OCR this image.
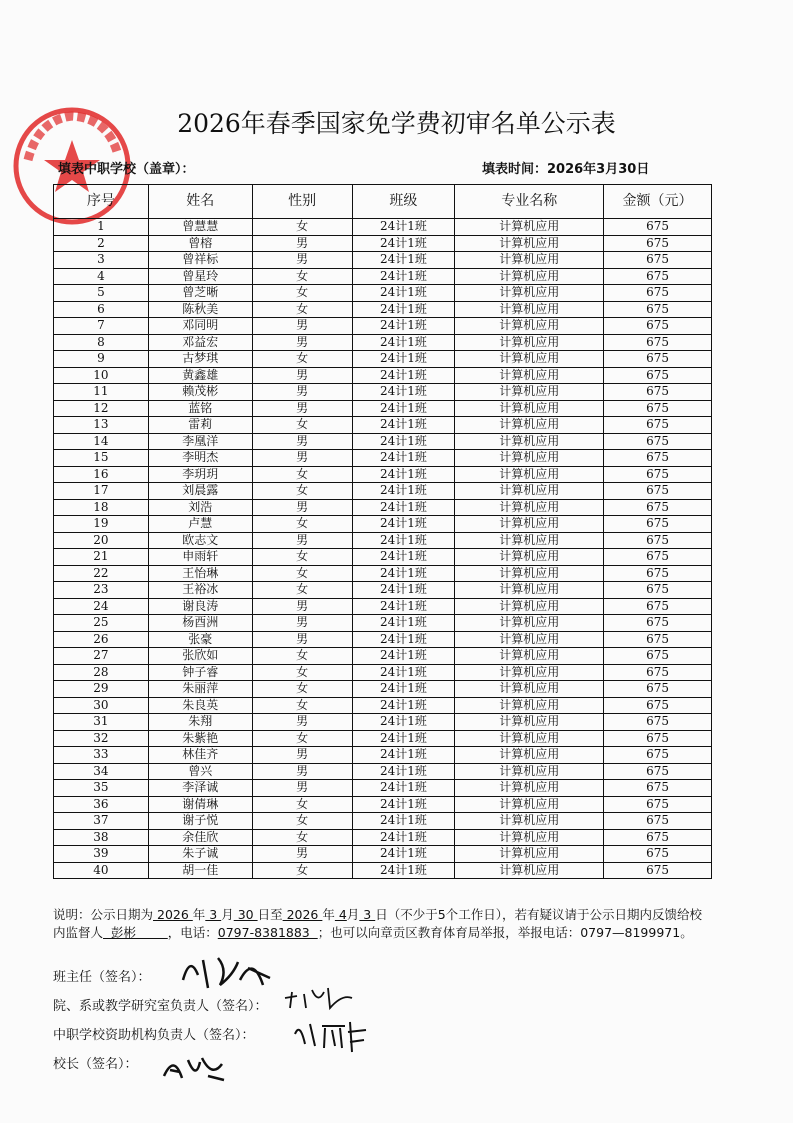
2026年春季国家免学费初审名单公示表
填表中职学校（盖章）：	填表时间：2026年3月30日
序号	姓名	性别	班级	专业名称	金额（元）
1	曾慧慧	女	24计1班	计算机应用	675
2	曾榕	男	24计1班	计算机应用	675
3	曾祥标	男	24计1班	计算机应用	675
4	曾星玲	女	24计1班	计算机应用	675
5	曾芝晰	女	24计1班	计算机应用	675
6	陈秋美	女	24计1班	计算机应用	675
7	邓同明	男	24计1班	计算机应用	675
8	邓益宏	男	24计1班	计算机应用	675
9	古梦琪	女	24计1班	计算机应用	675
10	黄鑫雄	男	24计1班	计算机应用	675
11	赖茂彬	男	24计1班	计算机应用	675
12	蓝铭	男	24计1班	计算机应用	675
13	雷莉	女	24计1班	计算机应用	675
14	李凰洋	男	24计1班	计算机应用	675
15	李明杰	男	24计1班	计算机应用	675
16	李玥玥	女	24计1班	计算机应用	675
17	刘晨露	女	24计1班	计算机应用	675
18	刘浩	男	24计1班	计算机应用	675
19	卢慧	女	24计1班	计算机应用	675
20	欧志文	男	24计1班	计算机应用	675
21	申雨轩	女	24计1班	计算机应用	675
22	王怡琳	女	24计1班	计算机应用	675
23	王裕冰	女	24计1班	计算机应用	675
24	谢良涛	男	24计1班	计算机应用	675
25	杨酉洲	男	24计1班	计算机应用	675
26	张豪	男	24计1班	计算机应用	675
27	张欣如	女	24计1班	计算机应用	675
28	钟子睿	女	24计1班	计算机应用	675
29	朱丽萍	女	24计1班	计算机应用	675
30	朱良英	女	24计1班	计算机应用	675
31	朱翔	男	24计1班	计算机应用	675
32	朱紫艳	女	24计1班	计算机应用	675
33	林佳齐	男	24计1班	计算机应用	675
34	曾兴	男	24计1班	计算机应用	675
35	李泽诚	男	24计1班	计算机应用	675
36	谢倩琳	女	24计1班	计算机应用	675
37	谢子悦	女	24计1班	计算机应用	675
38	余佳欣	女	24计1班	计算机应用	675
39	朱子诚	男	24计1班	计算机应用	675
40	胡一佳	女	24计1班	计算机应用	675
说明：公示日期为 2026 年 3 月 30 日至 2026 年 4月 3 日（不少于5个工作日），若有疑议请于公示日期内反馈给校内监督人  彭彬        ，电话：0797-8381883  ；也可以向章贡区教育体育局举报，举报电话：0797—8199971。
班主任（签名）：
院、系或教学研究室负责人（签名）：
中职学校资助机构负责人（签名）：
校长（签名）：
